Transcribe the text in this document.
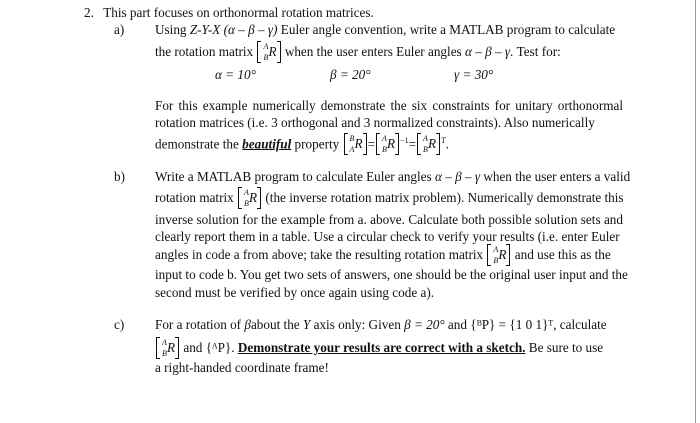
2. This part focuses on orthonormal rotation matrices.
a) Using Z-Y-X (α – β – γ) Euler angle convention, write a MATLAB program to calculate
the rotation matrix A
B R when the user enters Euler angles α – β – γ. Test for:
α = 10°	β = 20°	γ = 30°
For this example numerically demonstrate the six constraints for unitary orthonormal rotation matrices (i.e. 3 orthogonal and 3 normalized constraints). Also numerically
demonstrate the beautiful property B
A R = A
B R $^{-1}$= A
B R $^T$.
b) Write a MATLAB program to calculate Euler angles α – β – γ when the user enters a valid
rotation matrix A
B R (the inverse rotation matrix problem). Numerically demonstrate this
inverse solution for the example from a. above. Calculate both possible solution sets and clearly report them in a table. Use a circular check to verify your results (i.e. enter Euler
angles in code a from above; take the resulting rotation matrix A
B R and use this as the
input to code b. You get two sets of answers, one should be the original user input and the
second must be verified by once again using code a).
c) For a rotation of βabout the Y axis only: Given β = 20° and {ᴮP} = {1 0 1}ᵀ, calculate
A
B R and {ᴬP}. Demonstrate your results are correct with a sketch. Be sure to use
a right-handed coordinate frame!
